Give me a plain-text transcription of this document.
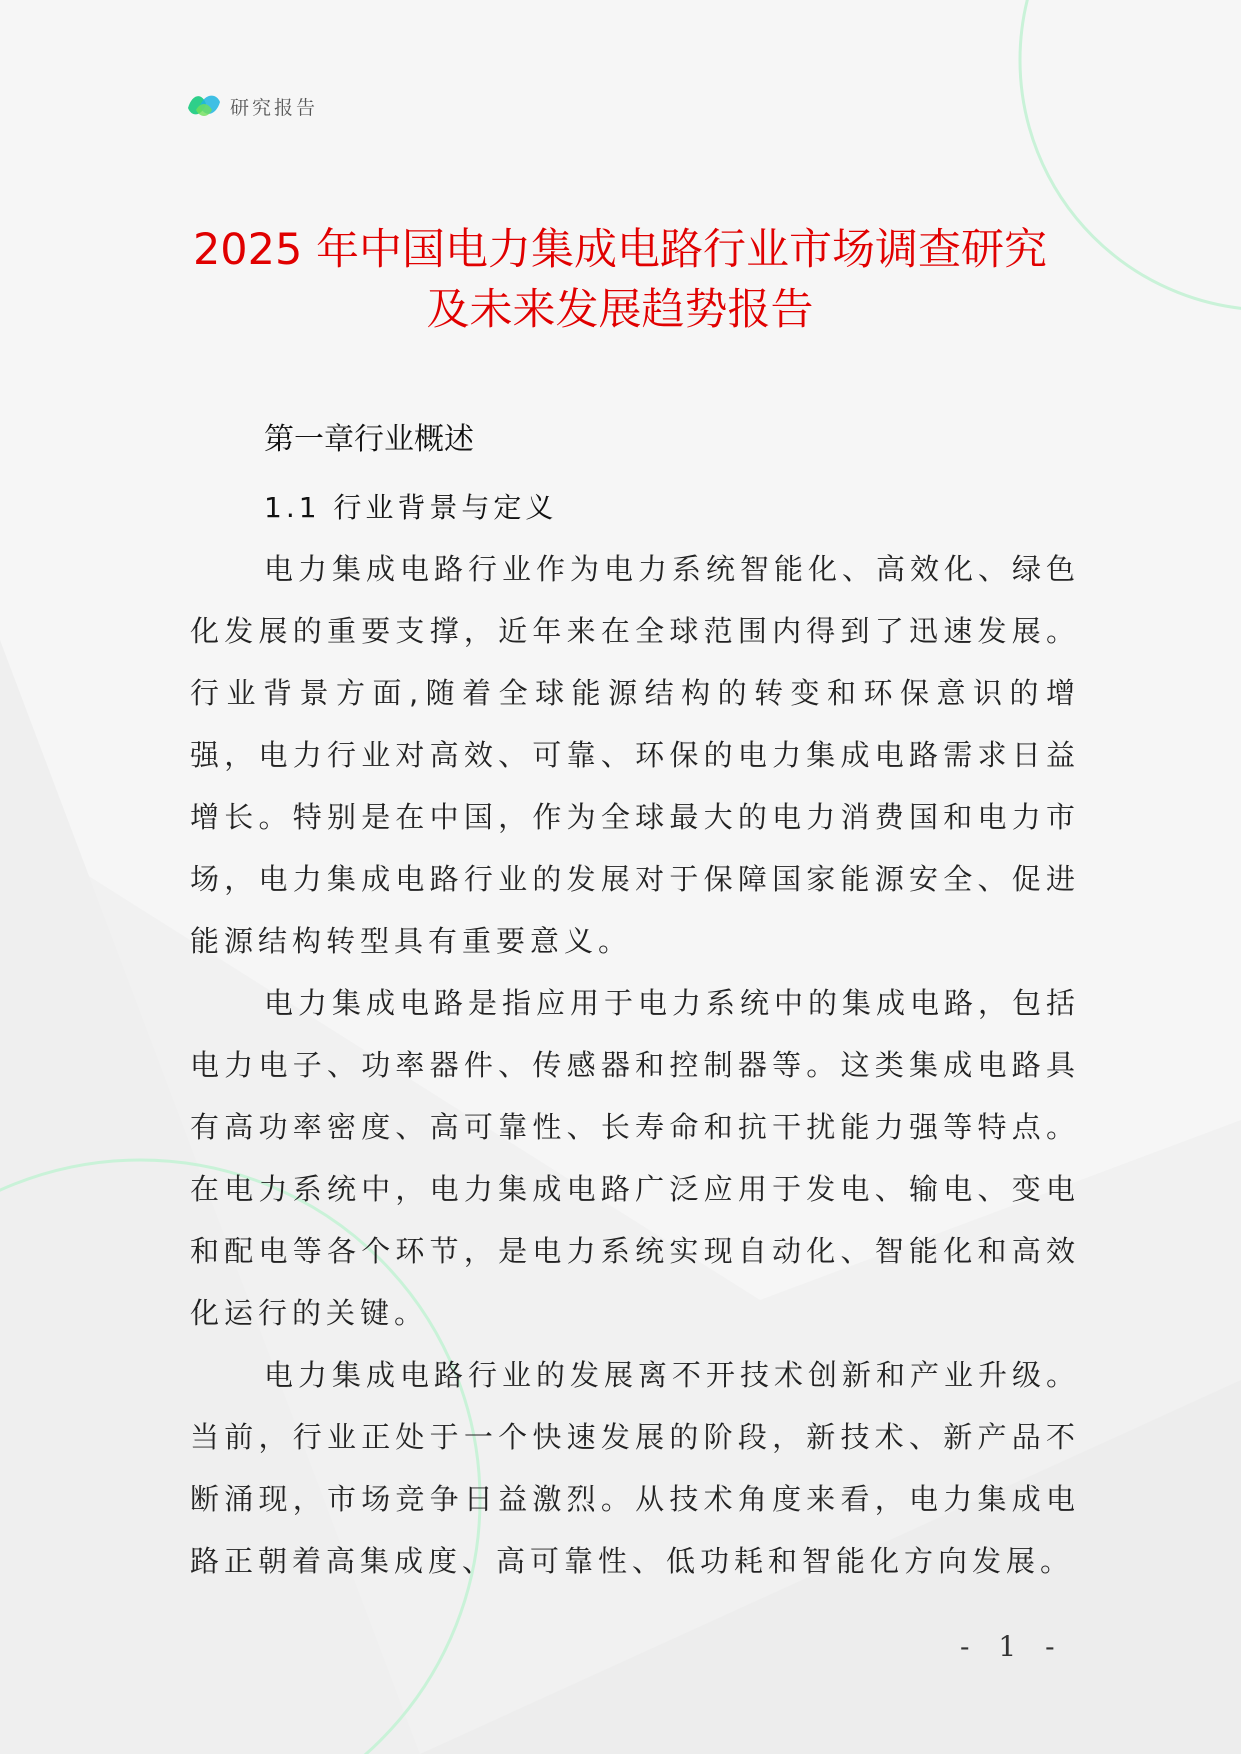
研究报告
2025 年中国电力集成电路行业市场调查研究及未来发展趋势报告
第一章行业概述
1.1 行业背景与定义

电力集成电路行业作为电力系统智能化、高效化、绿色化发展的重要支撑，近年来在全球范围内得到了迅速发展。行业背景方面,随着全球能源结构的转变和环保意识的增强，电力行业对高效、可靠、环保的电力集成电路需求日益增长。特别是在中国，作为全球最大的电力消费国和电力市场，电力集成电路行业的发展对于保障国家能源安全、促进能源结构转型具有重要意义。

电力集成电路是指应用于电力系统中的集成电路，包括电力电子、功率器件、传感器和控制器等。这类集成电路具有高功率密度、高可靠性、长寿命和抗干扰能力强等特点。在电力系统中，电力集成电路广泛应用于发电、输电、变电和配电等各个环节，是电力系统实现自动化、智能化和高效化运行的关键。

电力集成电路行业的发展离不开技术创新和产业升级。当前，行业正处于一个快速发展的阶段，新技术、新产品不断涌现，市场竞争日益激烈。从技术角度来看，电力集成电路正朝着高集成度、高可靠性、低功耗和智能化方向发展。

- 1 -
